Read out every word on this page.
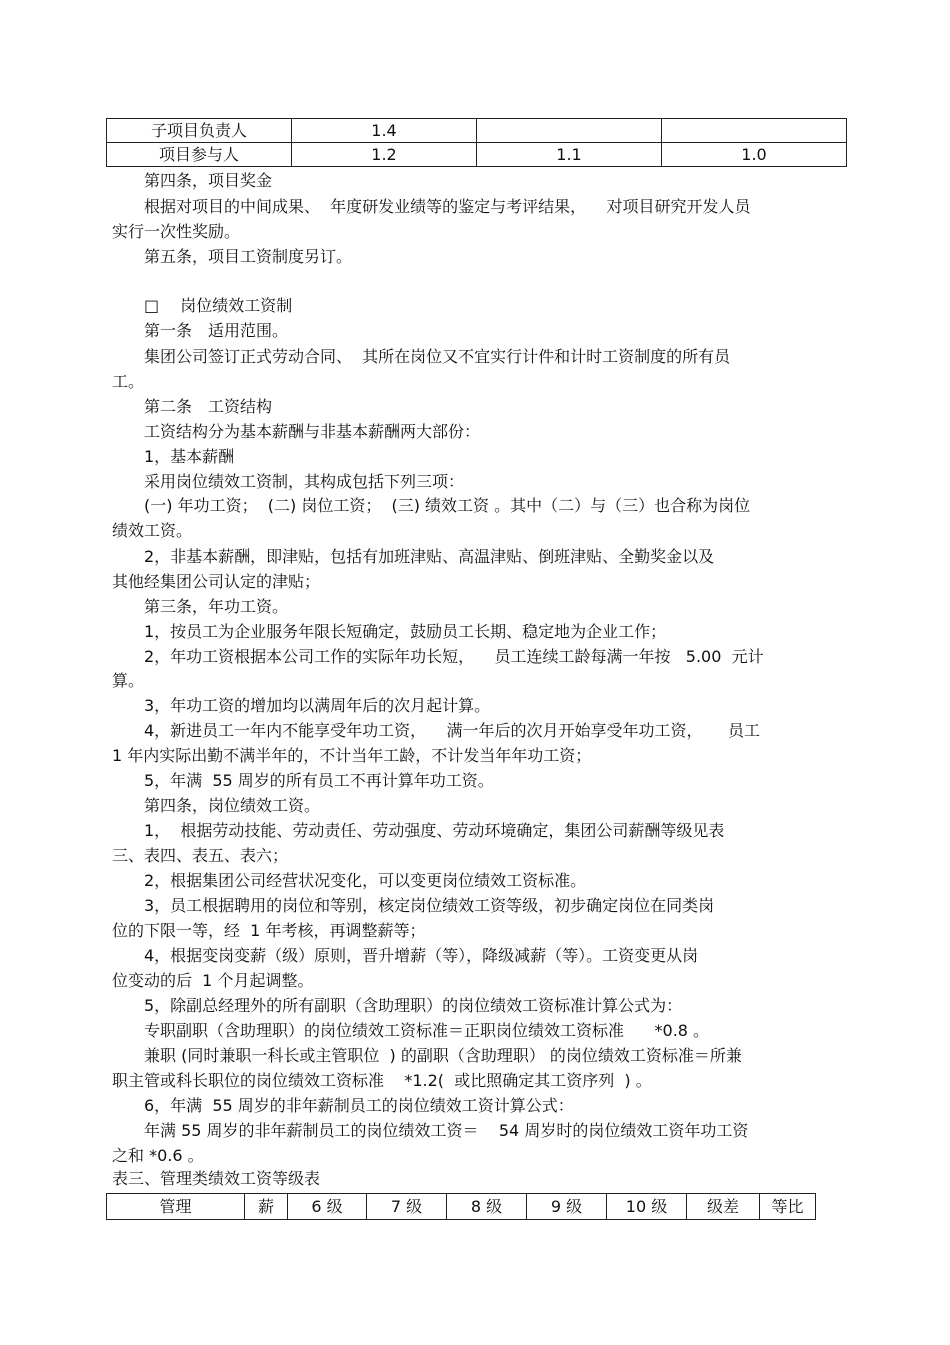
子项目负责人	1.4		
项目参与人	1.2	1.1	1.0

　　第四条，项目奖金

　　根据对项目的中间成果、  年度研发业绩等的鉴定与考评结果，    对项目研究开发人员

实行一次性奖励。

　　第五条，项目工资制度另订。

　　□　 岗位绩效工资制

　　第一条　适用范围。

　　集团公司签订正式劳动合同、  其所在岗位又不宜实行计件和计时工资制度的所有员

工。

　　第二条　工资结构

　　工资结构分为基本薪酬与非基本薪酬两大部份：

　　1，基本薪酬

　　采用岗位绩效工资制，其构成包括下列三项：

　　(一) 年功工资；  (二) 岗位工资；  (三) 绩效工资 。其中（二）与（三）也合称为岗位

绩效工资。

　　2，非基本薪酬，即津贴，包括有加班津贴、高温津贴、倒班津贴、全勤奖金以及

其他经集团公司认定的津贴；

　　第三条，年功工资。

　　1，按员工为企业服务年限长短确定，鼓励员工长期、稳定地为企业工作；

　　2，年功工资根据本公司工作的实际年功长短，    员工连续工龄每满一年按   5.00  元计

算。

　　3，年功工资的增加均以满周年后的次月起计算。

　　4，新进员工一年内不能享受年功工资，    满一年后的次月开始享受年功工资，     员工

1 年内实际出勤不满半年的，不计当年工龄，不计发当年年功工资；

　　5，年满  55 周岁的所有员工不再计算年功工资。

　　第四条，岗位绩效工资。

　　1，  根据劳动技能、劳动责任、劳动强度、劳动环境确定，集团公司薪酬等级见表

三、表四、表五、表六；

　　2，根据集团公司经营状况变化，可以变更岗位绩效工资标准。

　　3，员工根据聘用的岗位和等别，核定岗位绩效工资等级，初步确定岗位在同类岗

位的下限一等，经  1 年考核，再调整薪等；

　　4，根据变岗变薪（级）原则，晋升增薪（等），降级减薪（等）。工资变更从岗

位变动的后  1 个月起调整。

　　5，除副总经理外的所有副职（含助理职）的岗位绩效工资标准计算公式为：

　　专职副职（含助理职）的岗位绩效工资标准＝正职岗位绩效工资标准      *0.8 。

　　兼职 (同时兼职一科长或主管职位  ) 的副职（含助理职） 的岗位绩效工资标准＝所兼

职主管或科长职位的岗位绩效工资标准    *1.2(  或比照确定其工资序列  ) 。

　　6，年满  55 周岁的非年薪制员工的岗位绩效工资计算公式：

　　年满 55 周岁的非年薪制员工的岗位绩效工资＝    54 周岁时的岗位绩效工资年功工资

之和 *0.6 。

表三、管理类绩效工资等级表

管理	薪	6 级	7 级	8 级	9 级	10 级	级差	等比
